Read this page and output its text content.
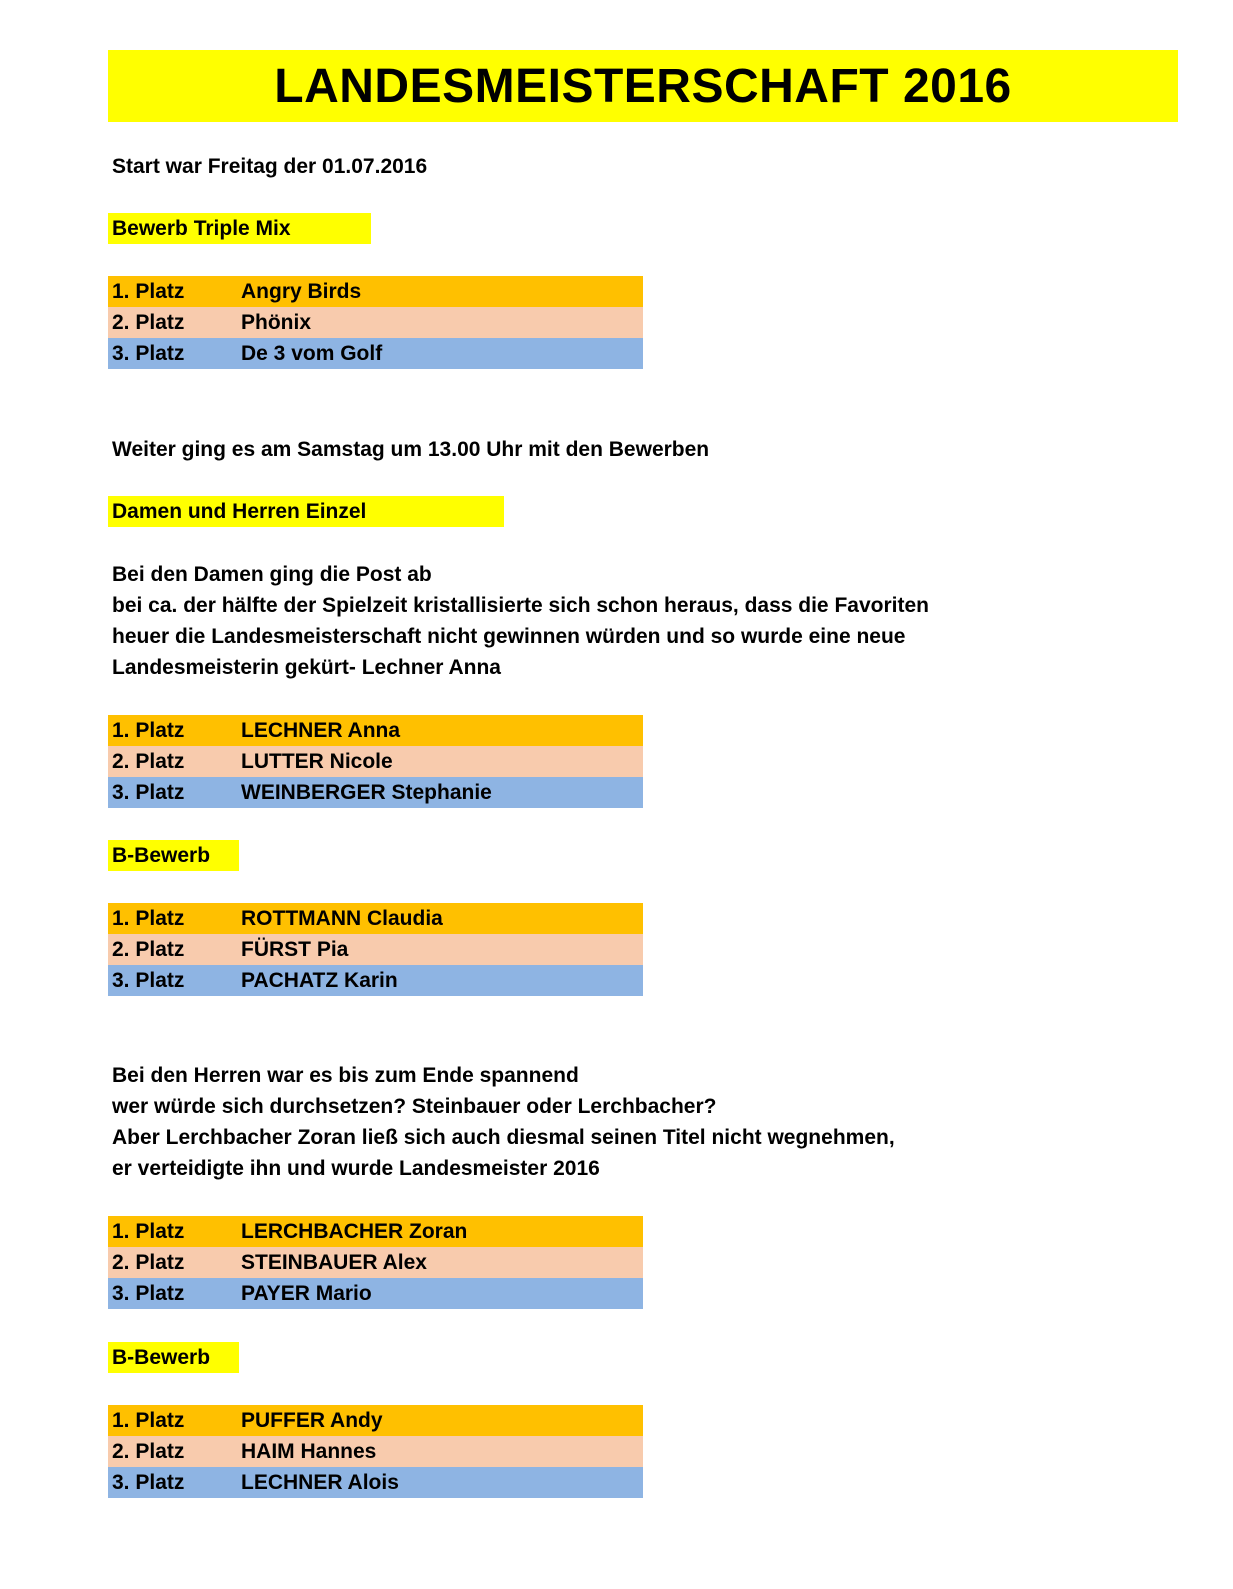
LANDESMEISTERSCHAFT 2016
Start war Freitag der 01.07.2016
Bewerb Triple Mix
1. Platz	Angry Birds
2. Platz	Phönix
3. Platz	De 3 vom Golf
Weiter ging es am Samstag um 13.00 Uhr mit den Bewerben
Damen und Herren Einzel
Bei den Damen ging die Post ab
bei ca. der hälfte der Spielzeit kristallisierte sich schon heraus, dass die Favoriten
heuer die Landesmeisterschaft nicht gewinnen würden und so wurde eine neue
Landesmeisterin gekürt- Lechner Anna
1. Platz	LECHNER Anna
2. Platz	LUTTER Nicole
3. Platz	WEINBERGER Stephanie
B-Bewerb
1. Platz	ROTTMANN Claudia
2. Platz	FÜRST Pia
3. Platz	PACHATZ Karin
Bei den Herren war es bis zum Ende spannend
wer würde sich durchsetzen? Steinbauer oder Lerchbacher?
Aber Lerchbacher Zoran ließ sich auch diesmal seinen Titel nicht wegnehmen,
er verteidigte ihn und wurde Landesmeister 2016
1. Platz	LERCHBACHER Zoran
2. Platz	STEINBAUER Alex
3. Platz	PAYER Mario
B-Bewerb
1. Platz	PUFFER Andy
2. Platz	HAIM Hannes
3. Platz	LECHNER Alois
